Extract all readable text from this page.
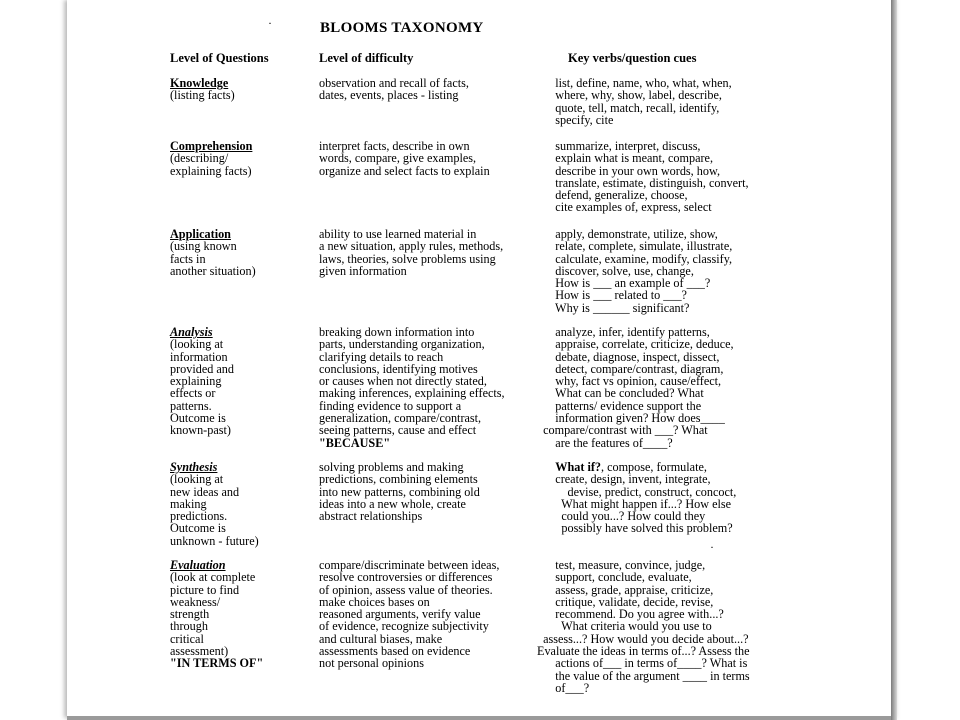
·
·
BLOOMS TAXONOMY
Level of Questions	Level of difficulty	Key verbs/question cues
Knowledge
(listing facts)
observation and recall of facts,
dates, events, places - listing
list, define, name, who, what, when,
where, why, show, label, describe,
quote, tell, match, recall, identify,
specify, cite
Comprehension
(describing/
explaining facts)
interpret facts, describe in own
words, compare, give examples,
organize and select facts to explain
summarize, interpret, discuss,
explain what is meant, compare,
describe in your own words, how,
translate, estimate, distinguish, convert,
defend, generalize, choose,
cite examples of, express, select
Application
(using known
facts in
another situation)
ability to use learned material in
a new situation, apply rules, methods,
laws, theories, solve problems using
given information
apply, demonstrate, utilize, show,
relate, complete, simulate, illustrate,
calculate, examine, modify, classify,
discover, solve, use, change,
How is ___ an example of ___?
How is ___ related to ___?
Why is ______ significant?
Analysis
(looking at
information
provided and
explaining
effects or
patterns.
Outcome is
known-past)
breaking down information into
parts, understanding organization,
clarifying details to reach
conclusions, identifying motives
or causes when not directly stated,
making inferences, explaining effects,
finding evidence to support a
generalization, compare/contrast,
seeing patterns, cause and effect
"BECAUSE"
analyze, infer, identify patterns,
appraise, correlate, criticize, deduce,
debate, diagnose, inspect, dissect,
detect, compare/contrast, diagram,
why, fact vs opinion, cause/effect,
What can be concluded? What
patterns/ evidence support the
information given? How does____
compare/contrast with ___? What
are the features of____?
Synthesis
(looking at
new ideas and
making
predictions.
Outcome is
unknown - future)
solving problems and making
predictions, combining elements
into new patterns, combining old
ideas into a new whole, create
abstract relationships
What if?, compose, formulate,
create, design, invent, integrate,
devise, predict, construct, concoct,
What might happen if...? How else
could you...? How could they
possibly have solved this problem?
Evaluation
(look at complete
picture to find
weakness/
strength
through
critical
assessment)
"IN TERMS OF"
compare/discriminate between ideas,
resolve controversies or differences
of opinion, assess value of theories.
make choices bases on
reasoned arguments, verify value
of evidence, recognize subjectivity
and cultural biases, make
assessments based on evidence
not personal opinions
test, measure, convince, judge,
support, conclude, evaluate,
assess, grade, appraise, criticize,
critique, validate, decide, revise,
recommend. Do you agree with...?
What criteria would you use to
assess...? How would you decide about...?
Evaluate the ideas in terms of...? Assess the
actions of___ in terms of____? What is
the value of the argument ____ in terms
of___?
